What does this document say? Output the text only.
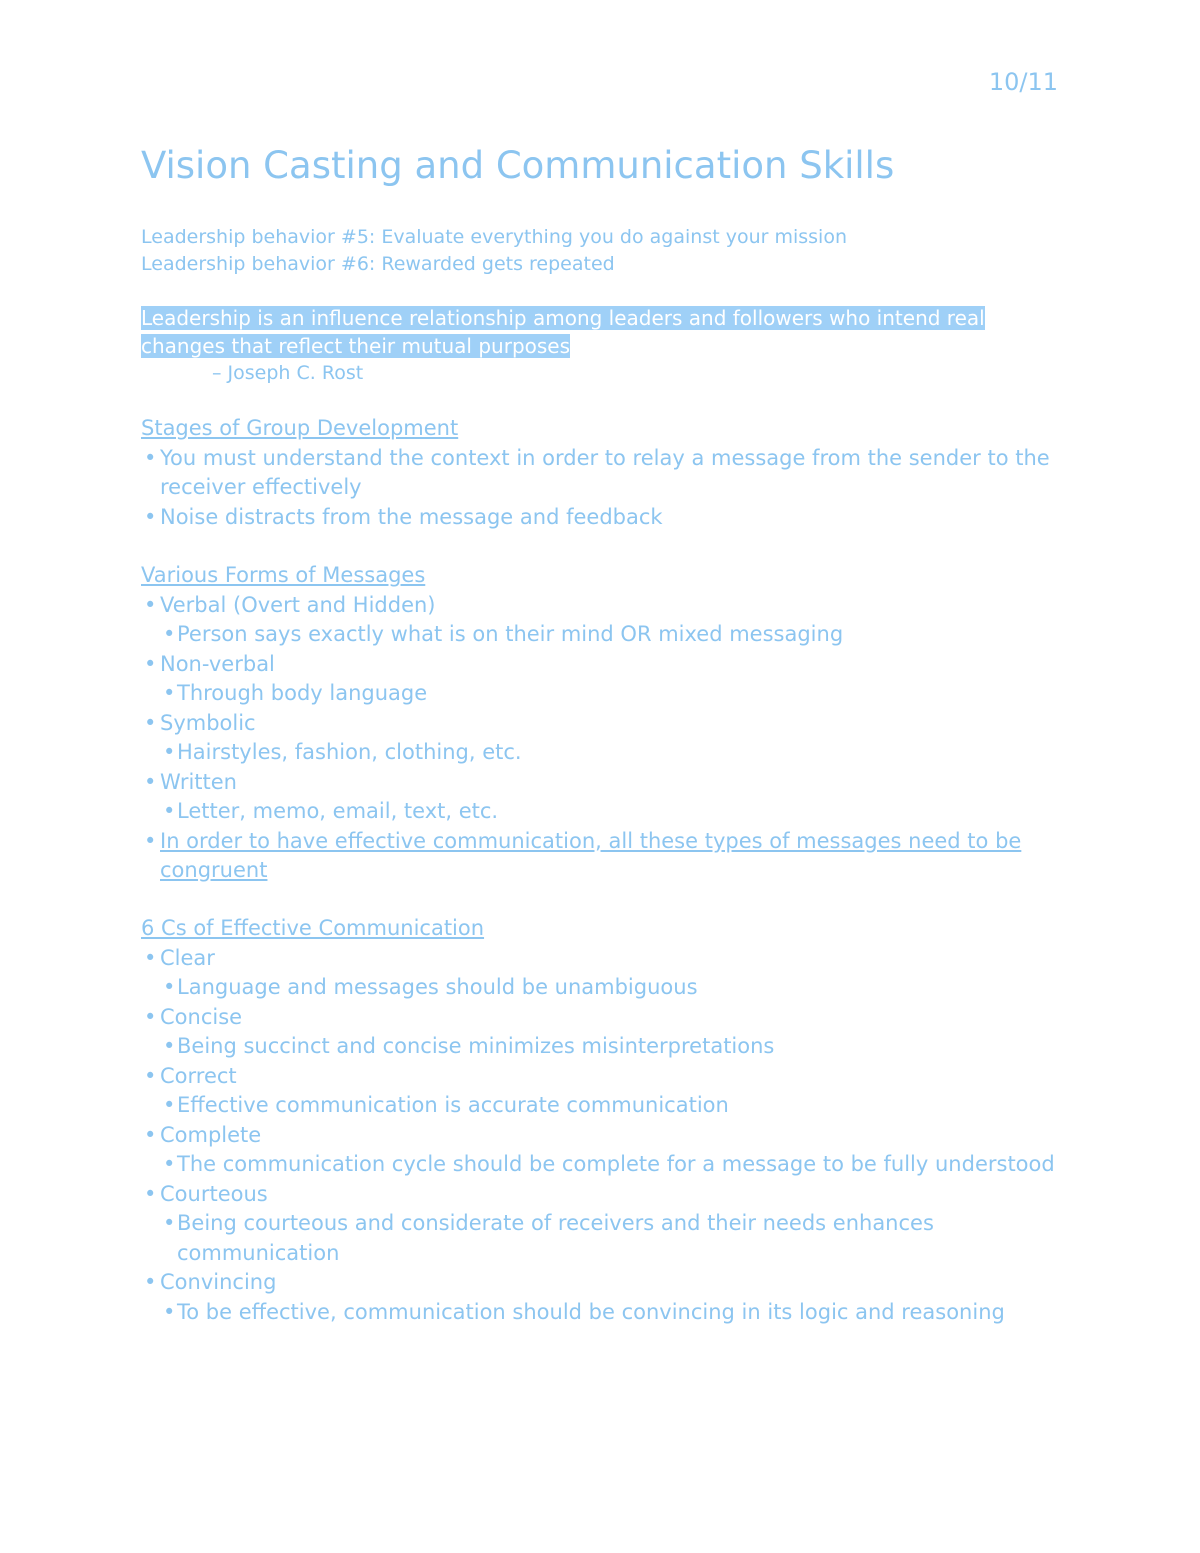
10/11
Vision Casting and Communication Skills
Leadership behavior #5: Evaluate everything you do against your mission
Leadership behavior #6: Rewarded gets repeated
Leadership is an influence relationship among leaders and followers who intend real changes that reflect their mutual purposes
– Joseph C. Rost
Stages of Group Development
• You must understand the context in order to relay a message from the sender to the receiver effectively
• Noise distracts from the message and feedback
Various Forms of Messages
• Verbal (Overt and Hidden)
• Person says exactly what is on their mind OR mixed messaging
• Non-verbal
• Through body language
• Symbolic
• Hairstyles, fashion, clothing, etc.
• Written
• Letter, memo, email, text, etc.
• In order to have effective communication, all these types of messages need to be congruent
6 Cs of Effective Communication
• Clear
• Language and messages should be unambiguous
• Concise
• Being succinct and concise minimizes misinterpretations
• Correct
• Effective communication is accurate communication
• Complete
• The communication cycle should be complete for a message to be fully understood
• Courteous
• Being courteous and considerate of receivers and their needs enhances communication
• Convincing
• To be effective, communication should be convincing in its logic and reasoning
